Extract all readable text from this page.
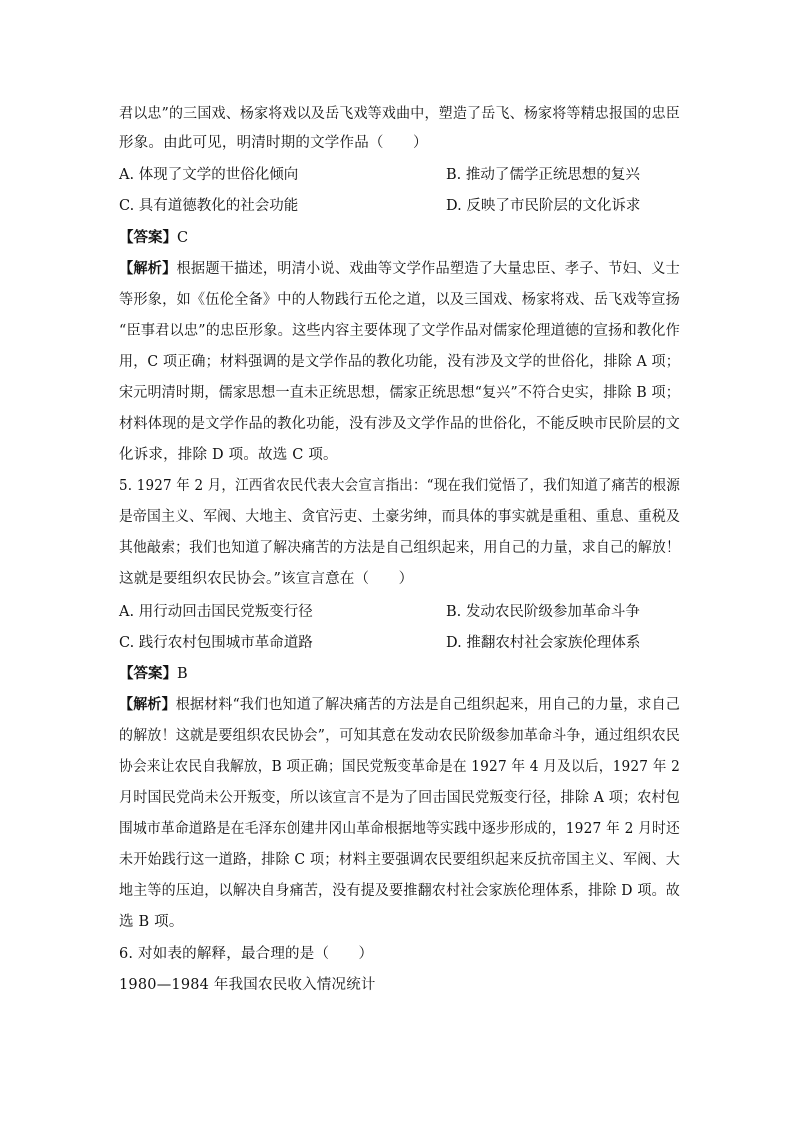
君以忠”的三国戏、杨家将戏以及岳飞戏等戏曲中，塑造了岳飞、杨家将等精忠报国的忠臣
形象。由此可见，明清时期的文学作品（　　）
A. 体现了文学的世俗化倾向	B. 推动了儒学正统思想的复兴
C. 具有道德教化的社会功能	D. 反映了市民阶层的文化诉求
【答案】C
【解析】根据题干描述，明清小说、戏曲等文学作品塑造了大量忠臣、孝子、节妇、义士
等形象，如《伍伦全备》中的人物践行五伦之道，以及三国戏、杨家将戏、岳飞戏等宣扬
“臣事君以忠”的忠臣形象。这些内容主要体现了文学作品对儒家伦理道德的宣扬和教化作
用，C 项正确；材料强调的是文学作品的教化功能，没有涉及文学的世俗化，排除 A 项；
宋元明清时期，儒家思想一直未正统思想，儒家正统思想“复兴”不符合史实，排除 B 项；
材料体现的是文学作品的教化功能，没有涉及文学作品的世俗化，不能反映市民阶层的文
化诉求，排除 D 项。故选 C 项。
5. 1927 年 2 月，江西省农民代表大会宣言指出：“现在我们觉悟了，我们知道了痛苦的根源
是帝国主义、军阀、大地主、贪官污吏、土豪劣绅，而具体的事实就是重租、重息、重税及
其他敲索；我们也知道了解决痛苦的方法是自己组织起来，用自己的力量，求自己的解放！
这就是要组织农民协会。”该宣言意在（　　）
A. 用行动回击国民党叛变行径	B. 发动农民阶级参加革命斗争
C. 践行农村包围城市革命道路	D. 推翻农村社会家族伦理体系
【答案】B
【解析】根据材料“我们也知道了解决痛苦的方法是自己组织起来，用自己的力量，求自己
的解放！这就是要组织农民协会”，可知其意在发动农民阶级参加革命斗争，通过组织农民
协会来让农民自我解放，B 项正确；国民党叛变革命是在 1927 年 4 月及以后，1927 年 2
月时国民党尚未公开叛变，所以该宣言不是为了回击国民党叛变行径，排除 A 项；农村包
围城市革命道路是在毛泽东创建井冈山革命根据地等实践中逐步形成的，1927 年 2 月时还
未开始践行这一道路，排除 C 项；材料主要强调农民要组织起来反抗帝国主义、军阀、大
地主等的压迫，以解决自身痛苦，没有提及要推翻农村社会家族伦理体系，排除 D 项。故
选 B 项。
6. 对如表的解释，最合理的是（　　）
1980—1984 年我国农民收入情况统计
